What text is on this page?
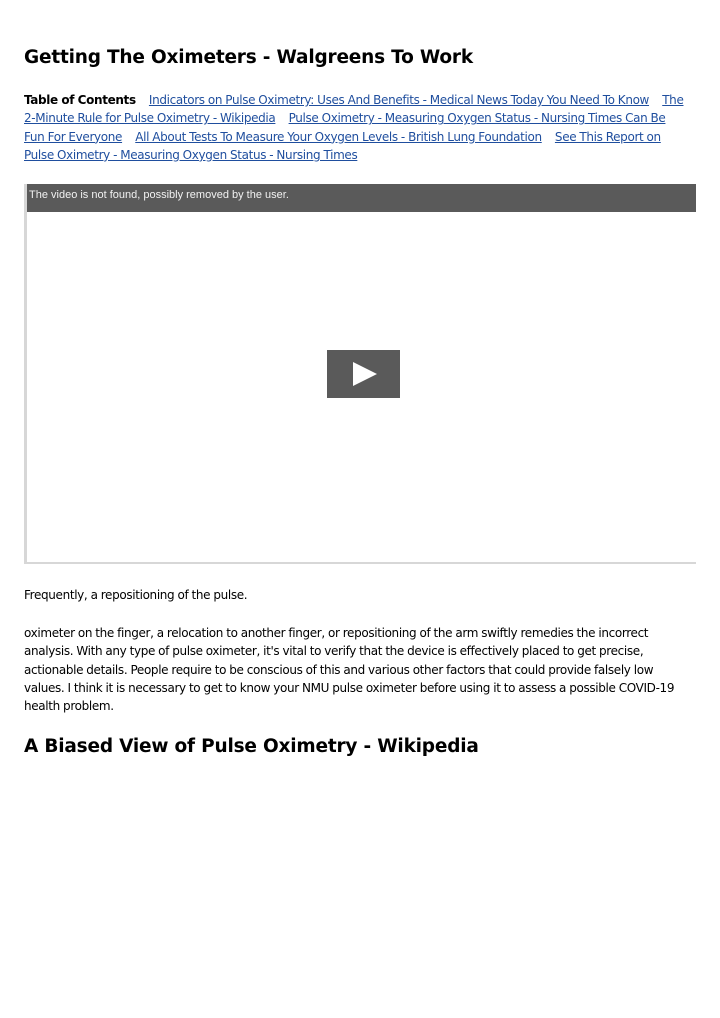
Getting The Oximeters - Walgreens To Work
Table of Contents Indicators on Pulse Oximetry: Uses And Benefits - Medical News Today You Need To Know The 2-Minute Rule for Pulse Oximetry - Wikipedia Pulse Oximetry - Measuring Oxygen Status - Nursing Times Can Be Fun For Everyone All About Tests To Measure Your Oxygen Levels - British Lung Foundation See This Report on Pulse Oximetry - Measuring Oxygen Status - Nursing Times
The video is not found, possibly removed by the user.

Frequently, a repositioning of the pulse.

oximeter on the finger, a relocation to another finger, or repositioning of the arm swiftly remedies the incorrect analysis. With any type of pulse oximeter, it's vital to verify that the device is effectively placed to get precise, actionable details. People require to be conscious of this and various other factors that could provide falsely low values. I think it is necessary to get to know your NMU pulse oximeter before using it to assess a possible COVID-19 health problem.

A Biased View of Pulse Oximetry - Wikipedia
